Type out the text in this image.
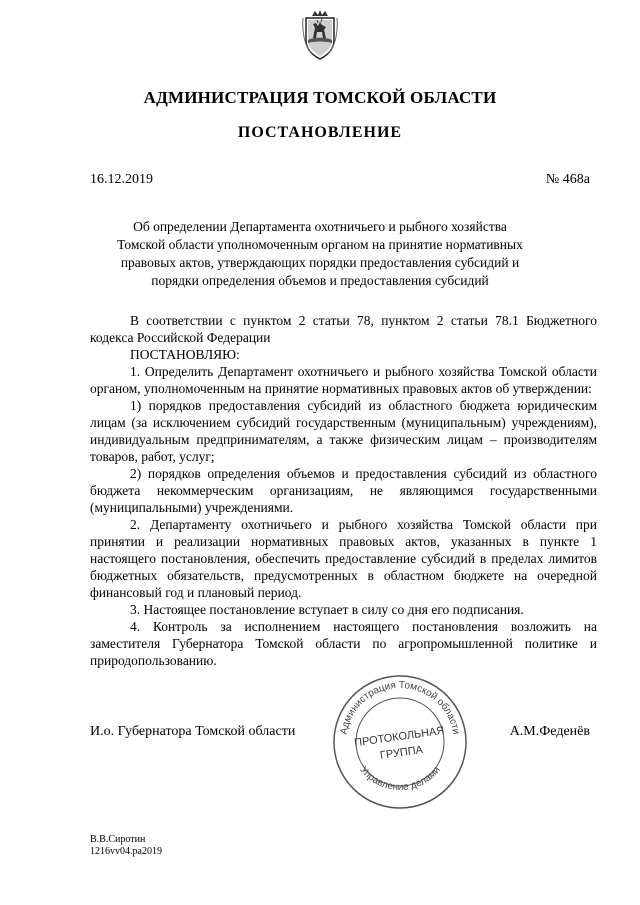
АДМИНИСТРАЦИЯ ТОМСКОЙ ОБЛАСТИ
ПОСТАНОВЛЕНИЕ
16.12.2019	№ 468а
Об определении Департамента охотничьего и рыбного хозяйства Томской области уполномоченным органом на принятие нормативных правовых актов, утверждающих порядки предоставления субсидий и порядки определения объемов и предоставления субсидий

В соответствии с пунктом 2 статьи 78, пунктом 2 статьи 78.1 Бюджетного кодекса Российской Федерации

ПОСТАНОВЛЯЮ:

1. Определить Департамент охотничьего и рыбного хозяйства Томской области органом, уполномоченным на принятие нормативных правовых актов об утверждении:

1) порядков предоставления субсидий из областного бюджета юридическим лицам (за исключением субсидий государственным (муниципальным) учреждениям), индивидуальным предпринимателям, а также физическим лицам – производителям товаров, работ, услуг;

2) порядков определения объемов и предоставления субсидий из областного бюджета некоммерческим организациям, не являющимся государственными (муниципальными) учреждениями.

2. Департаменту охотничьего и рыбного хозяйства Томской области при принятии и реализации нормативных правовых актов, указанных в пункте 1 настоящего постановления, обеспечить предоставление субсидий в пределах лимитов бюджетных обязательств, предусмотренных в областном бюджете на очередной финансовый год и плановый период.

3. Настоящее постановление вступает в силу со дня его подписания.

4. Контроль за исполнением настоящего постановления возложить на заместителя Губернатора Томской области по агропромышленной политике и природопользованию.

И.о. Губернатора Томской области	Администрация Томской области
Управление делами
ПРОТОКОЛЬНАЯ
ГРУППА
А.М.Феденёв
В.В.Сиротин
1216vv04.ра2019
